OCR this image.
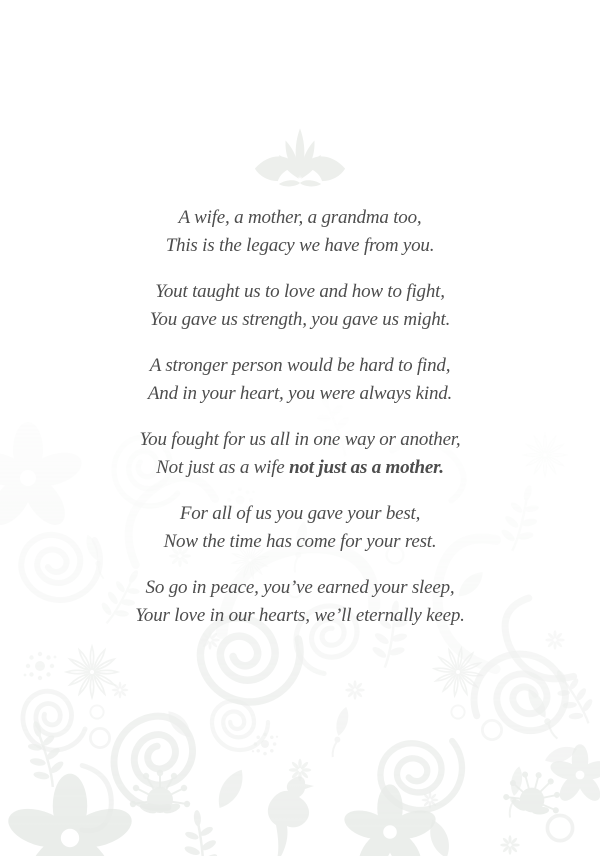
A wife, a mother, a grandma too,

This is the legacy we have from you.

Yout taught us to love and how to fight,

You gave us strength, you gave us might.

A stronger person would be hard to find,

And in your heart, you were always kind.

You fought for us all in one way or another,

Not just as a wife not just as a mother.

For all of us you gave your best,

Now the time has come for your rest.

So go in peace, you’ve earned your sleep,

Your love in our hearts, we’ll eternally keep.
